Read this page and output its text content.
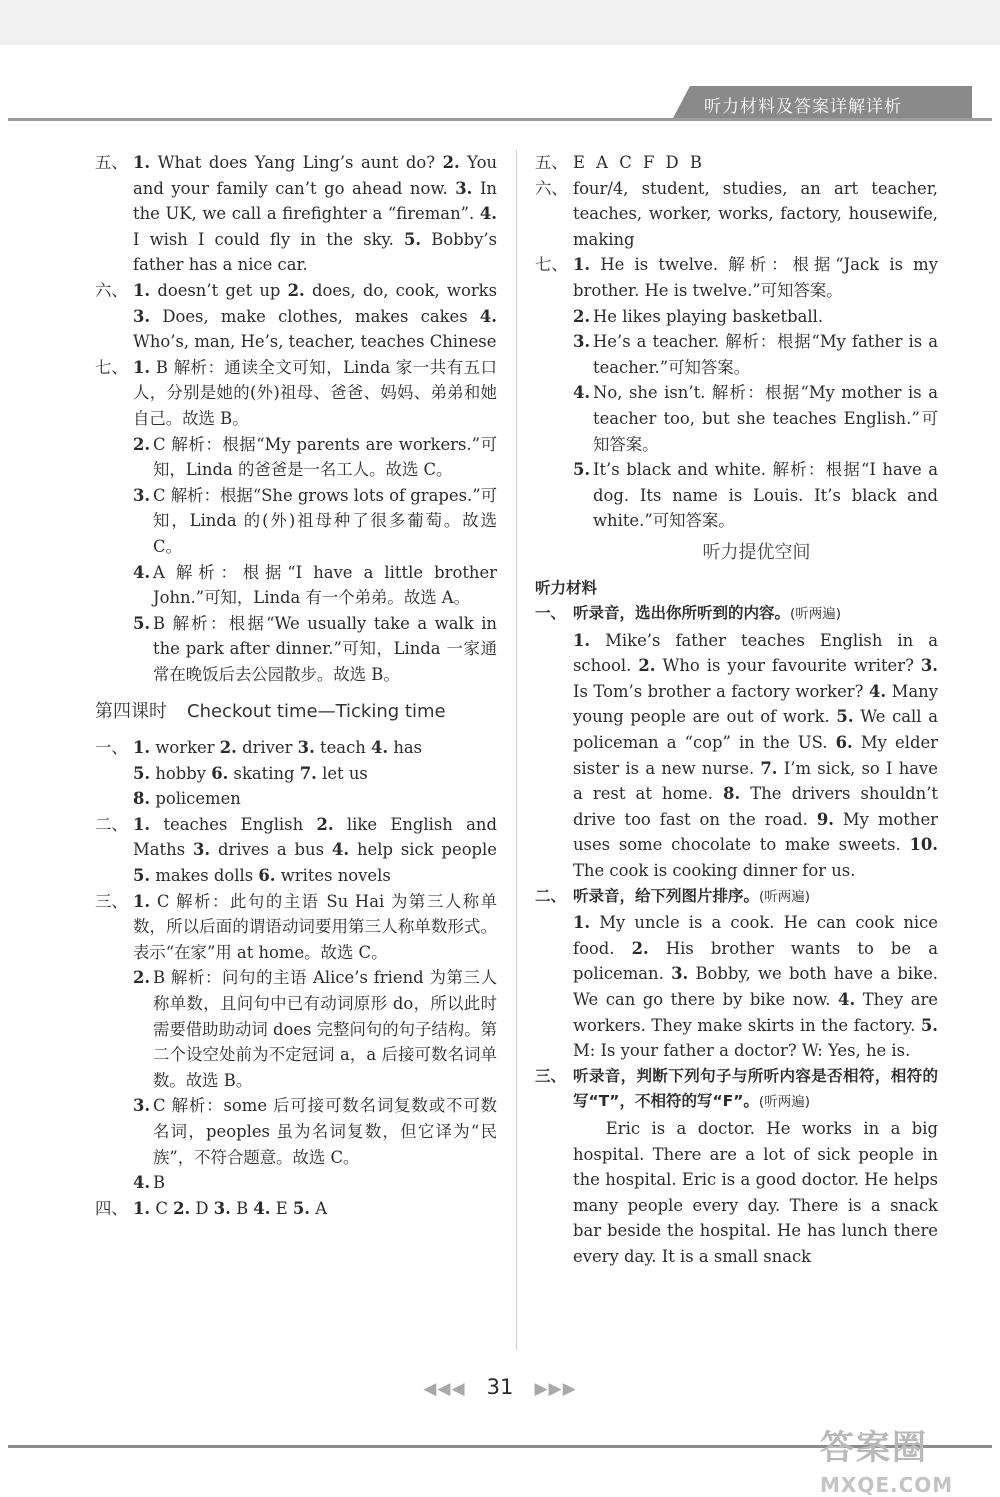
听力材料及答案详解详析
五、 1. What does Yang Ling’s aunt do? 2. You and your family can’t go ahead now. 3. In the UK, we call a firefighter a “fireman”. 4. I wish I could fly in the sky. 5. Bobby’s father has a nice car.
六、 1. doesn’t get up 2. does, do, cook, works 3. Does, make clothes, makes cakes 4. Who’s, man, He’s, teacher, teaches Chinese
七、 1. B 解析：通读全文可知，Linda 家一共有五口人，分别是她的(外)祖母、爸爸、妈妈、弟弟和她自己。故选 B。
2. C 解析：根据“My parents are workers.”可知，Linda 的爸爸是一名工人。故选 C。
3. C 解析：根据“She grows lots of grapes.”可知，Linda 的(外)祖母种了很多葡萄。故选 C。
4. A 解析：根据“I have a little brother John.”可知，Linda 有一个弟弟。故选 A。
5. B 解析：根据“We usually take a walk in the park after dinner.”可知，Linda 一家通常在晚饭后去公园散步。故选 B。
第四课时 Checkout time—Ticking time
一、 1. worker 2. driver 3. teach 4. has
5. hobby 6. skating 7. let us
8. policemen
二、 1. teaches English 2. like English and Maths 3. drives a bus 4. help sick people 5. makes dolls 6. writes novels
三、 1. C 解析：此句的主语 Su Hai 为第三人称单数，所以后面的谓语动词要用第三人称单数形式。表示“在家”用 at home。故选 C。
2. B 解析：问句的主语 Alice’s friend 为第三人称单数，且问句中已有动词原形 do，所以此时需要借助助动词 does 完整问句的句子结构。第二个设空处前为不定冠词 a，a 后接可数名词单数。故选 B。
3. C 解析：some 后可接可数名词复数或不可数名词，peoples 虽为名词复数，但它译为“民族”，不符合题意。故选 C。
4. B
四、 1. C 2. D 3. B 4. E 5. A
五、 E A C F D B
六、 four/4, student, studies, an art teacher, teaches, worker, works, factory, housewife, making
七、 1. He is twelve. 解析：根据“Jack is my brother. He is twelve.”可知答案。
2. He likes playing basketball.
3. He’s a teacher. 解析：根据“My father is a teacher.”可知答案。
4. No, she isn’t. 解析：根据“My mother is a teacher too, but she teaches English.”可知答案。
5. It’s black and white. 解析：根据“I have a dog. Its name is Louis. It’s black and white.”可知答案。
听力提优空间
听力材料
一、 听录音，选出你所听到的内容。(听两遍)
1. Mike’s father teaches English in a school. 2. Who is your favourite writer? 3. Is Tom’s brother a factory worker? 4. Many young people are out of work. 5. We call a policeman a “cop” in the US. 6. My elder sister is a new nurse. 7. I’m sick, so I have a rest at home. 8. The drivers shouldn’t drive too fast on the road. 9. My mother uses some chocolate to make sweets. 10. The cook is cooking dinner for us.
二、 听录音，给下列图片排序。(听两遍)
1. My uncle is a cook. He can cook nice food. 2. His brother wants to be a policeman. 3. Bobby, we both have a bike. We can go there by bike now. 4. They are workers. They make skirts in the factory. 5. M: Is your father a doctor? W: Yes, he is.
三、 听录音，判断下列句子与所听内容是否相符，相符的写“T”，不相符的写“F”。(听两遍)
Eric is a doctor. He works in a big hospital. There are a lot of sick people in the hospital. Eric is a good doctor. He helps many people every day. There is a snack bar beside the hospital. He has lunch there every day. It is a small snack
◀◀◀ 31 ▶▶▶
答案圈
MXQE.COM
